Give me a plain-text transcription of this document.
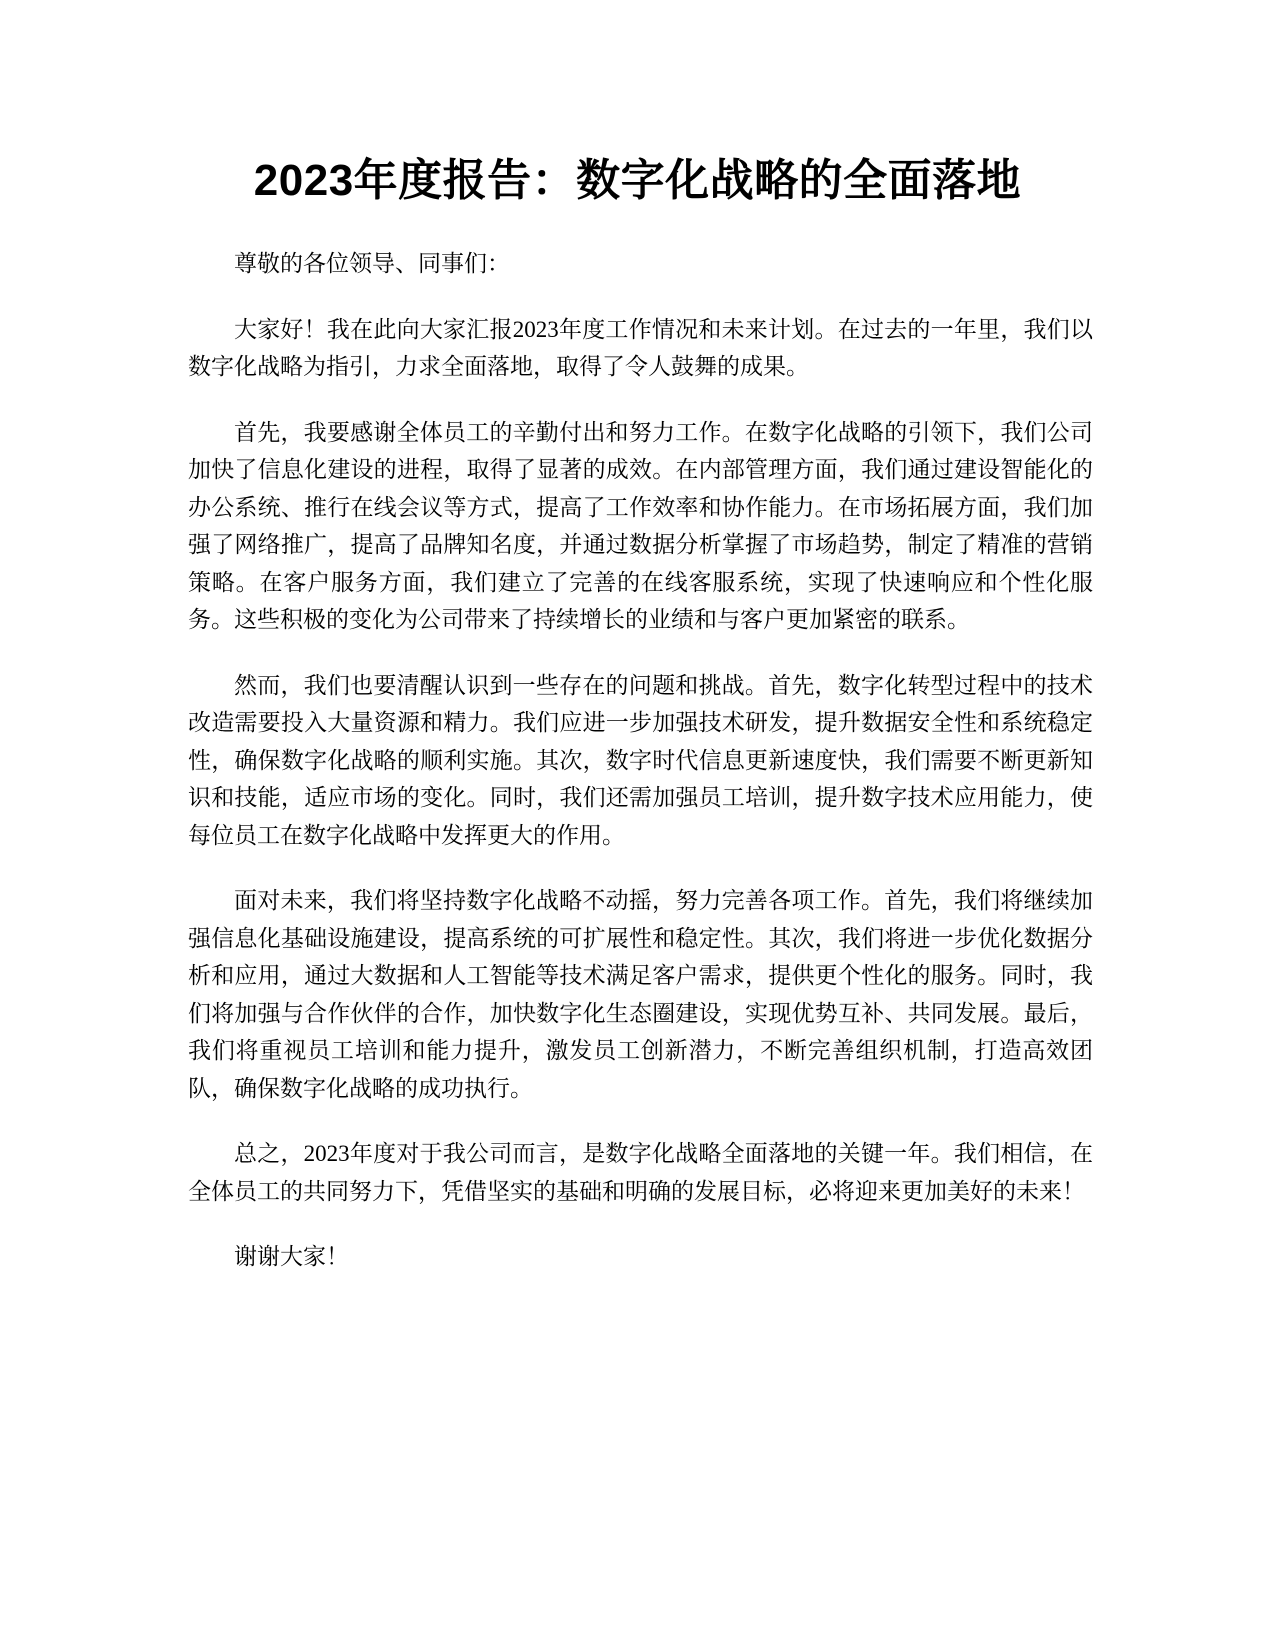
2023年度报告：数字化战略的全面落地

尊敬的各位领导、同事们：

大家好！我在此向大家汇报2023年度工作情况和未来计划。在过去的一年里，我们以数字化战略为指引，力求全面落地，取得了令人鼓舞的成果。

首先，我要感谢全体员工的辛勤付出和努力工作。在数字化战略的引领下，我们公司加快了信息化建设的进程，取得了显著的成效。在内部管理方面，我们通过建设智能化的办公系统、推行在线会议等方式，提高了工作效率和协作能力。在市场拓展方面，我们加强了网络推广，提高了品牌知名度，并通过数据分析掌握了市场趋势，制定了精准的营销策略。在客户服务方面，我们建立了完善的在线客服系统，实现了快速响应和个性化服务。这些积极的变化为公司带来了持续增长的业绩和与客户更加紧密的联系。

然而，我们也要清醒认识到一些存在的问题和挑战。首先，数字化转型过程中的技术改造需要投入大量资源和精力。我们应进一步加强技术研发，提升数据安全性和系统稳定性，确保数字化战略的顺利实施。其次，数字时代信息更新速度快，我们需要不断更新知识和技能，适应市场的变化。同时，我们还需加强员工培训，提升数字技术应用能力，使每位员工在数字化战略中发挥更大的作用。

面对未来，我们将坚持数字化战略不动摇，努力完善各项工作。首先，我们将继续加强信息化基础设施建设，提高系统的可扩展性和稳定性。其次，我们将进一步优化数据分析和应用，通过大数据和人工智能等技术满足客户需求，提供更个性化的服务。同时，我们将加强与合作伙伴的合作，加快数字化生态圈建设，实现优势互补、共同发展。最后，我们将重视员工培训和能力提升，激发员工创新潜力，不断完善组织机制，打造高效团队，确保数字化战略的成功执行。

总之，2023年度对于我公司而言，是数字化战略全面落地的关键一年。我们相信，在全体员工的共同努力下，凭借坚实的基础和明确的发展目标，必将迎来更加美好的未来！

谢谢大家！
